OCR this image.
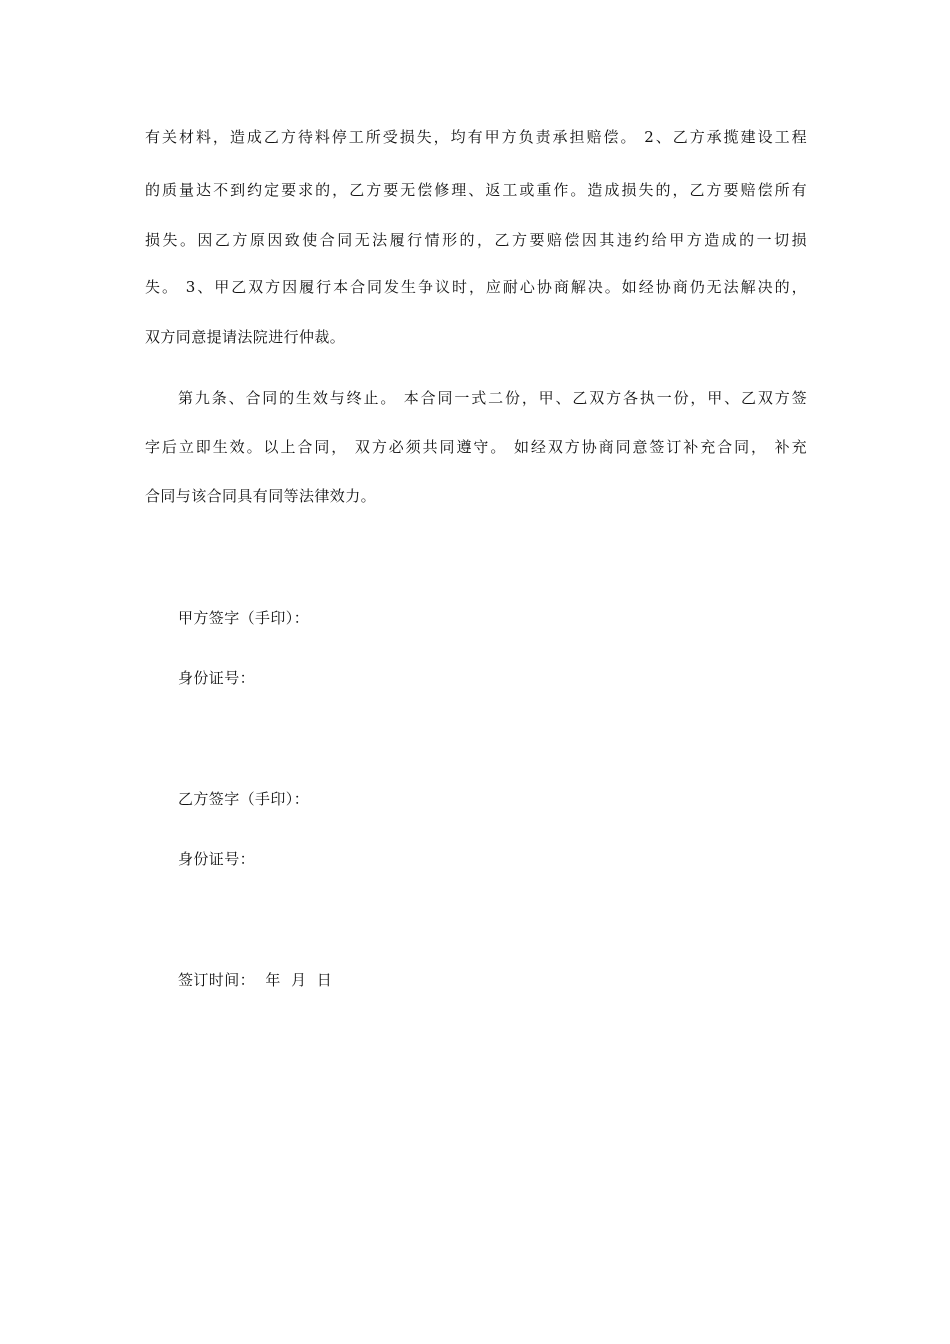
有关材料，造成乙方待料停工所受损失，均有甲方负责承担赔偿。 2、乙方承揽建设工程
的质量达不到约定要求的，乙方要无偿修理、返工或重作。造成损失的，乙方要赔偿所有
损失。因乙方原因致使合同无法履行情形的，乙方要赔偿因其违约给甲方造成的一切损
失。 3、甲乙双方因履行本合同发生争议时，应耐心协商解决。如经协商仍无法解决的，
双方同意提请法院进行仲裁。
第九条、合同的生效与终止。 本合同一式二份，甲、乙双方各执一份，甲、乙双方签
字后立即生效。以上合同， 双方必须共同遵守。 如经双方协商同意签订补充合同， 补充
合同与该合同具有同等法律效力。
甲方签字（手印）：
身份证号：
乙方签字（手印）：
身份证号：
签订时间：  年  月  日
